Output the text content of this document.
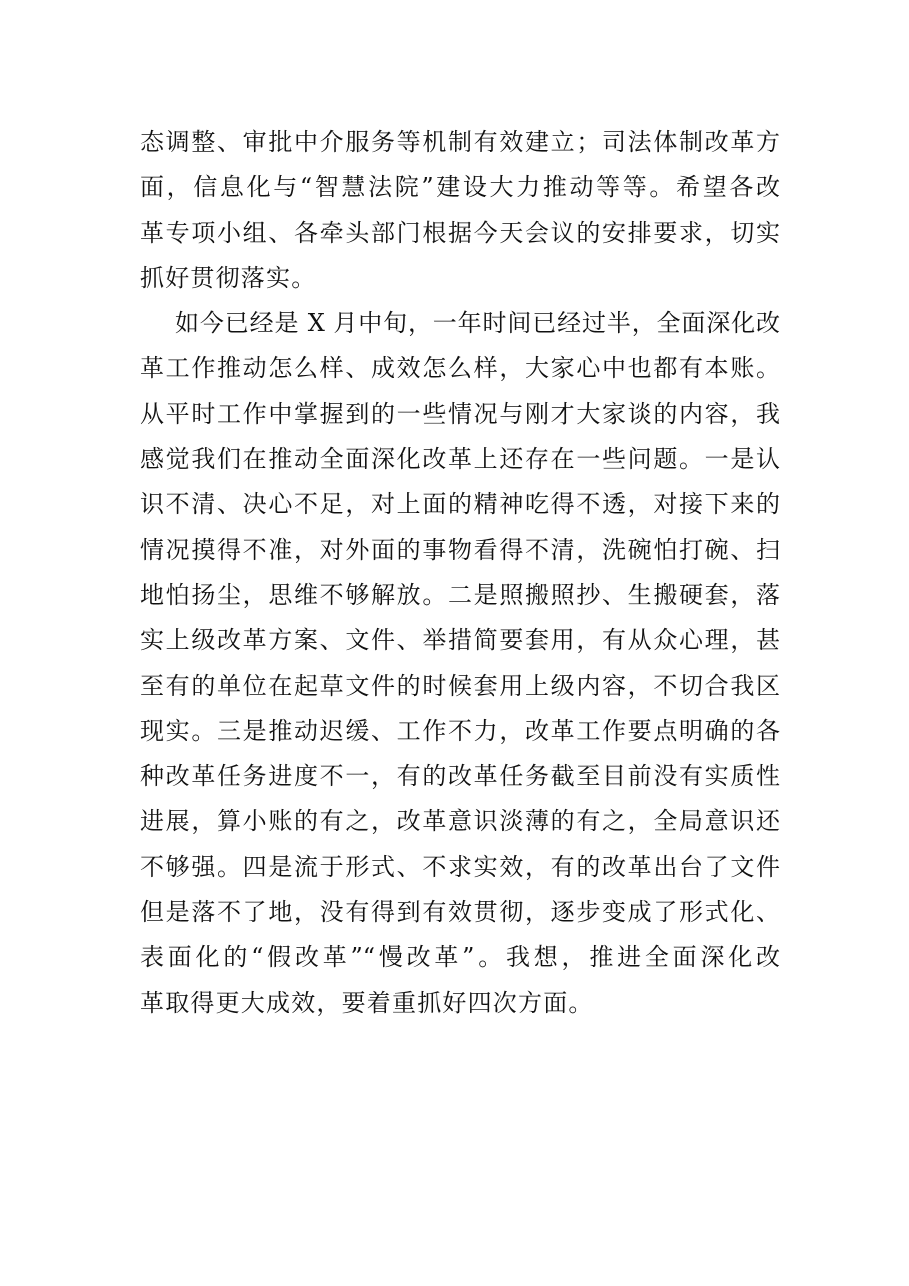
态调整、审批中介服务等机制有效建立；司法体制改革方
面，信息化与“智慧法院”建设大力推动等等。希望各改
革专项小组、各牵头部门根据今天会议的安排要求，切实
抓好贯彻落实。
如今已经是 X 月中旬，一年时间已经过半，全面深化改
革工作推动怎么样、成效怎么样，大家心中也都有本账。
从平时工作中掌握到的一些情况与刚才大家谈的内容，我
感觉我们在推动全面深化改革上还存在一些问题。一是认
识不清、决心不足，对上面的精神吃得不透，对接下来的
情况摸得不准，对外面的事物看得不清，洗碗怕打碗、扫
地怕扬尘，思维不够解放。二是照搬照抄、生搬硬套，落
实上级改革方案、文件、举措简要套用，有从众心理，甚
至有的单位在起草文件的时候套用上级内容，不切合我区
现实。三是推动迟缓、工作不力，改革工作要点明确的各
种改革任务进度不一，有的改革任务截至目前没有实质性
进展，算小账的有之，改革意识淡薄的有之，全局意识还
不够强。四是流于形式、不求实效，有的改革出台了文件
但是落不了地，没有得到有效贯彻，逐步变成了形式化、
表面化的“假改革”“慢改革”。我想，推进全面深化改
革取得更大成效，要着重抓好四次方面。
